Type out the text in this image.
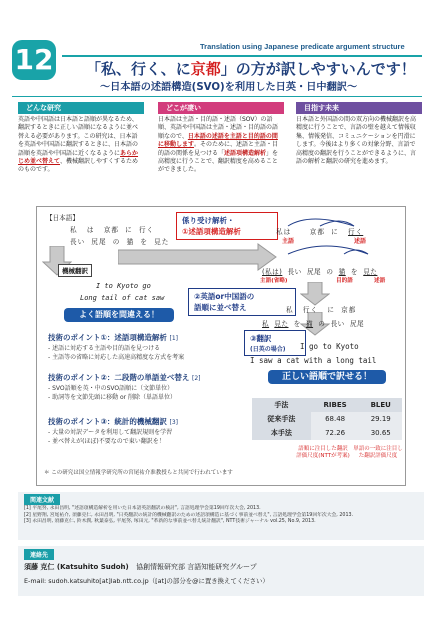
12	Translation using Japanese predicate argument structure
「私、行く、に京都」の方が訳しやすいんです！
〜日本語の述語構造(SVO)を利用した日英・日中翻訳〜
どんな研究
英語や中国語は日本語と語順が異なるため、翻訳するときに正しい語順になるように並べ替える必要があります。この研究は、日本語を英語や中国語に翻訳するときに、日本語の語順を英語や中国語に近くなるようにあらかじめ並べ替えて、機械翻訳しやすくするためのものです。
どこが凄い
日本語は主語・目的語・述語（SOV）の語順、英語や中国語は主語・述語・目的語の語順なので、日本語の述語を主語と目的語の間に移動します。そのために、述語と主語・目的語の関係を見つける「述語項構造解析」を高精度に行うことで、翻訳精度を高めることができました。
目指す未来
日本語と外国語の間の双方向の機械翻訳を高精度に行うことで、言語の壁を越えて情報収集、情報発信、コミュニケーションを円滑にします。今後はより多くの対象分野、言語で高精度の翻訳を行うことができるように、言語の解析と翻訳の研究を進めます。
【日本語】
私 は 京都 に 行く
長い 尻尾 の 猫 を 見た
係り受け解析・
①述語項構造解析	私は	京都 に 行く
主語	述語
(私は) 長い 尻尾 の 猫 を 見た
主語(省略)	目的語	述語
機械翻訳
I to Kyoto go
Long tail of cat saw
よく語順を間違える！
②英語or中国語の
語順に並べ替え	私 行く に 京都
私 見た を 猫 の 長い 尻尾
③翻訳
(日英の場合)	I go to Kyoto
I saw a cat with a long tail
正しい語順で訳せる！
技術のポイント①：述語項構造解析 [1]
- 述語に対応する主語や目的語を見つける
- 主語等の省略に対応した高速高精度な方式を考案
技術のポイント②：二段階の単語並べ替え [2]
- SVO語順を英・中のSVO語順に（文節単位）
- 助詞等を文節先頭に移動 or 削除（単語単位）
技術のポイント③：統計的機械翻訳 [3]
- 大量の対訳データを利用して翻訳規則を学習
- 並べ替えが(ほぼ)不要なので東い翻訳を！
手法	RIBES	BLEU
従来手法	68.48	29.19
本手法	72.26	30.65
語順に注目した翻訳評価尺度(NTTが考案)
単語の一致に注目した翻訳評価尺度
＊ この研究は国立情報学研究所の宮尾祐介准教授らと共同で行われています
関連文献
[1] 平尾努, 永田昌明, "述語項構造解析を用いた日本語英語翻訳の検討", 言語処理学会第19回年次大会, 2013.
[2] 星野翔, 宮尾祐介, 須藤克仁, 永田昌明, "日英翻訳の統計的機械翻訳のための述語項構造に基づく事前並べ替え", 言語処理学会第19回年次大会, 2013.
[3] 永田昌明, 須藤克仁, 鈴木潤, 秋葉泰弘, 平尾努, 塚田元, "革新的な事前並べ替え統計翻訳", NTT技術ジャーナル vol.25, No.9, 2013.
連絡先
須藤 克仁 (Katsuhito Sudoh) 協創情報研究部 言語知能研究グループ
E-mail: sudoh.katsuhito[at]lab.ntt.co.jp（[at]の部分を@に置き換えてください）
